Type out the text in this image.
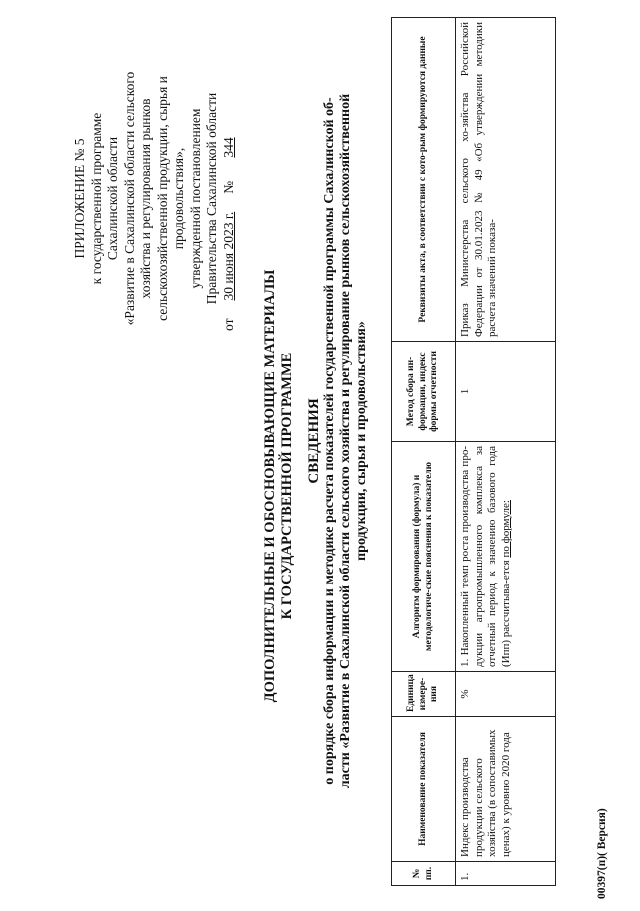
ПРИЛОЖЕНИЕ № 5 к государственной программе Сахалинской области «Развитие в Сахалинской области сельского хозяйства и регулирования рынков сельскохозяйственной продукции, сырья и продовольствия», утвержденной постановлением Правительства Сахалинской области
от 30 июня 2023 г. № 344
ДОПОЛНИТЕЛЬНЫЕ И ОБОСНОВЫВАЮЩИЕ МАТЕРИАЛЫ К ГОСУДАРСТВЕННОЙ ПРОГРАММЕ СВЕДЕНИЯ о порядке сбора информации и методике расчета показателей государственной программы Сахалинской об- ласти «Развитие в Сахалинской области сельского хозяйства и регулирование рынков сельскохозяйственной продукции, сырья и продовольствия»
№ пп.	Наименование показателя	Единица измере-ния	Алгоритм формирования (формула) и методологиче-ские пояснения к показателю	Метод сбора ин-формации, индекс формы отчетности	Реквизиты акта, в соответствии с кото-рым формируются данные
1.	Индекс производства продукции сельского хозяйства (в сопоставимых ценах) к уровню 2020 года	%	1. Накопленный темп роста производства про-дукции агропромышленного комплекса за отчетный период к значению базового года (Ипп) рассчитыва-ется по формуле:	1	Приказ Министерства сельского хо-зяйства Российской Федерации от 30.01.2023 № 49 «Об утверждении методики расчета значений показа-
00397(п)( Версия)
